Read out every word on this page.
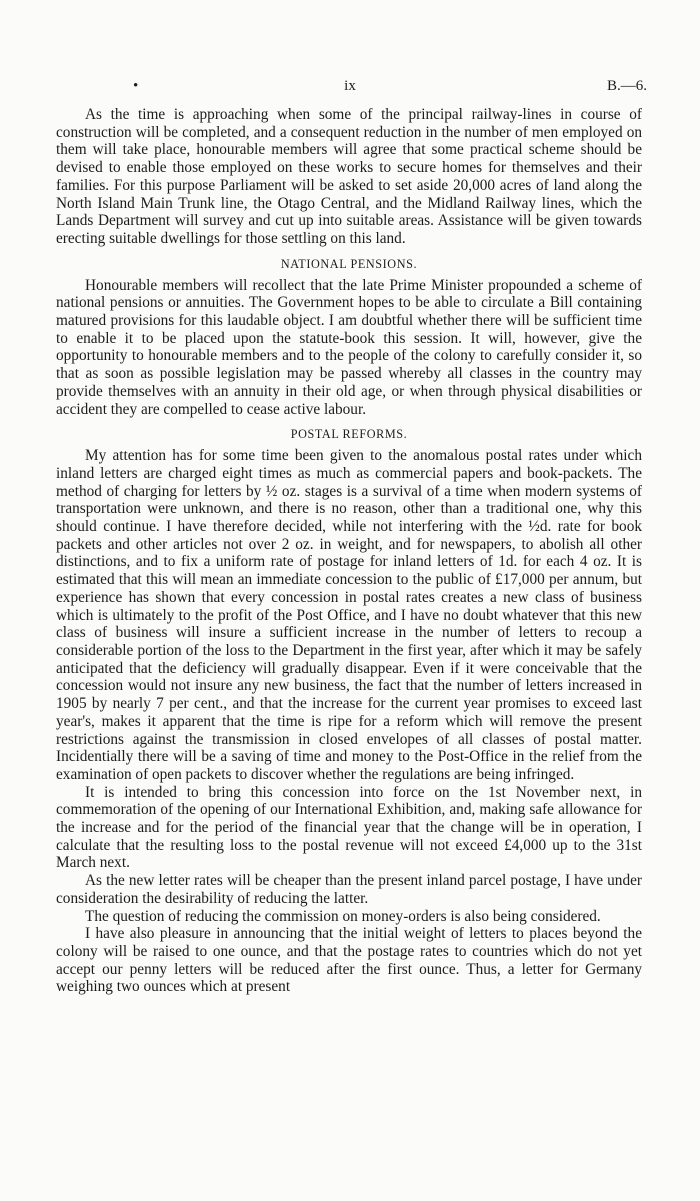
•	ix	B.—6.

As the time is approaching when some of the principal railway-lines in course of construction will be completed, and a consequent reduction in the number of men employed on them will take place, honourable members will agree that some practical scheme should be devised to enable those employed on these works to secure homes for themselves and their families. For this purpose Parliament will be asked to set aside 20,000 acres of land along the North Island Main Trunk line, the Otago Central, and the Midland Railway lines, which the Lands Department will survey and cut up into suitable areas. Assistance will be given towards erecting suitable dwellings for those settling on this land.

NATIONAL PENSIONS.

Honourable members will recollect that the late Prime Minister propounded a scheme of national pensions or annuities. The Government hopes to be able to circulate a Bill containing matured provisions for this laudable object. I am doubtful whether there will be sufficient time to enable it to be placed upon the statute-book this session. It will, however, give the opportunity to honourable members and to the people of the colony to carefully consider it, so that as soon as possible legislation may be passed whereby all classes in the country may provide themselves with an annuity in their old age, or when through physical disabilities or accident they are compelled to cease active labour.

POSTAL REFORMS.

My attention has for some time been given to the anomalous postal rates under which inland letters are charged eight times as much as commercial papers and book-packets. The method of charging for letters by ½ oz. stages is a survival of a time when modern systems of transportation were unknown, and there is no reason, other than a traditional one, why this should continue. I have therefore decided, while not interfering with the ½d. rate for book packets and other articles not over 2 oz. in weight, and for newspapers, to abolish all other distinctions, and to fix a uniform rate of postage for inland letters of 1d. for each 4 oz. It is estimated that this will mean an immediate concession to the public of £17,000 per annum, but experience has shown that every concession in postal rates creates a new class of business which is ultimately to the profit of the Post Office, and I have no doubt whatever that this new class of business will insure a sufficient increase in the number of letters to recoup a considerable portion of the loss to the Department in the first year, after which it may be safely anticipated that the deficiency will gradually disappear. Even if it were conceivable that the concession would not insure any new business, the fact that the number of letters increased in 1905 by nearly 7 per cent., and that the increase for the current year promises to exceed last year's, makes it apparent that the time is ripe for a reform which will remove the present restrictions against the transmission in closed envelopes of all classes of postal matter. Incidentially there will be a saving of time and money to the Post-Office in the relief from the examination of open packets to discover whether the regulations are being infringed.

It is intended to bring this concession into force on the 1st November next, in commemoration of the opening of our International Exhibition, and, making safe allowance for the increase and for the period of the financial year that the change will be in operation, I calculate that the resulting loss to the postal revenue will not exceed £4,000 up to the 31st March next.

As the new letter rates will be cheaper than the present inland parcel postage, I have under consideration the desirability of reducing the latter.

The question of reducing the commission on money-orders is also being considered.

I have also pleasure in announcing that the initial weight of letters to places beyond the colony will be raised to one ounce, and that the postage rates to countries which do not yet accept our penny letters will be reduced after the first ounce. Thus, a letter for Germany weighing two ounces which at present
